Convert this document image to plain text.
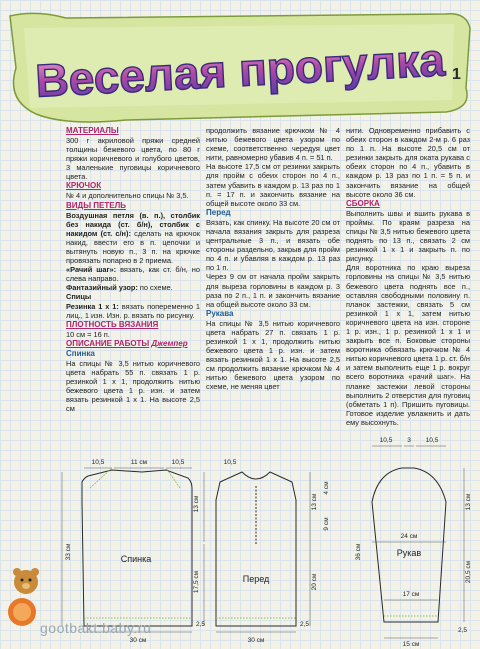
Веселая прогулка 1

МАТЕРИАЛЫ

300 г акриловой пряжи средней толщины бежевого цвета, по 80 г пряжи коричневого и голубого цветов, 3 маленькие пуговицы коричневого цвета.

КРЮЧОК

№ 4 и дополнительно спицы № 3,5.

ВИДЫ ПЕТЕЛЬ

Воздушная петля (в. п.), столбик без накида (ст. б/н), столбик с накидом (ст. с/н): сделать на крючок накид, ввести его в п. цепочки и вытянуть новую п., 3 п. на крючке провязать попарно в 2 приема.

«Рачий шаг»: вязать, как ст. б/н, но слева направо.

Фантазийный узор: по схеме.

Спицы

Резинка 1 х 1: вязать попеременно 1 лиц., 1 изн. Изн. р. вязать по рисунку.

ПЛОТНОСТЬ ВЯЗАНИЯ

10 см = 16 п.

ОПИСАНИЕ РАБОТЫ Джемпер

Спинка

На спицы № 3,5 нитью коричневого цвета набрать 55 п. связать 1 р. резинкой 1 х 1, продолжить нитью бежевого цвета 1 р. изн. и затем вязать резинкой 1 х 1. На высоте 2,5 см

продолжить вязание крючком № 4 нитью бежевого цвета узором по схеме, соответственно чередуя цвет нити, равномерно убавив 4 п. = 51 п.

На высоте 17,5 см от резинки закрыть для пройм с обеих сторон по 4 п., затем убавить в каждом р. 13 раз по 1 п. = 17 п. и закончить вязание на общей высоте около 33 см.

Перед

Вязать, как спинку. На высоте 20 см от начала вязания закрыть для разреза центральные 3 п., и вязать обе стороны раздельно, закрыв для пройм по 4 п. и убавляя в каждом р. 13 раз по 1 п.

Через 9 см от начала пройм закрыть для выреза горловины в каждом р. 3 раза по 2 п., 1 п. и закончить вязание на общей высоте около 33 см.

Рукава

На спицы № 3,5 нитью коричневого цвета набрать 27 п. связать 1 р. резинкой 1 х 1, продолжить нитью бежевого цвета 1 р. изн. и затем вязать резинкой 1 х 1. На высоте 2,5 см продолжить вязание крючком № 4 нитью бежевого цвета узором по схеме, не меняя цвет

нити. Одновременно прибавить с обеих сторон в каждом 2-м р. 6 раз по 1 п. На высоте 20,5 см от резинки закрыть для оката рукава с обеих сторон по 4 п., убавить в каждом р. 13 раз по 1 п. = 5 п. и закончить вязание на общей высоте около 36 см.

СБОРКА

Выполнить швы и вшить рукава в проймы. По краям разреза на спицы № 3,5 нитью бежевого цвета поднять по 13 п., связать 2 см резинкой 1 х 1 и закрыть п. по рисунку.

Для воротника по краю выреза горловины на спицы № 3,5 нитью бежевого цвета поднять все п., оставляя свободными половину п. планок застежки, связать 5 см резинкой 1 х 1, затем нитью коричневого цвета на изн. стороне 1 р. изн., 1 р. резинкой 1 х 1 и закрыть все п. Боковые стороны воротника обвязать крючком № 4 нитью коричневого цвета 1 р. ст. б/н и затем выполнить еще 1 р. вокруг всего воротника «рачий шаг». На планке застежки левой стороны выполнить 2 отверстия для пуговиц (обметать 1 п). Пришить пуговицы. Готовое изделие увлажнить и дать ему высохнуть.

Спинка
10,5	11 см	10,5
30 см
33 см
13 см
17,5 см
2,5
Перед
10,5
30 см
13 см
4 см
9 см
20 см
2,5
Рукав
10,5 3 10,5
24 см
17 см
15 см
36 см
13 см
20,5 см
2,5
gootbakt.baby.ru
